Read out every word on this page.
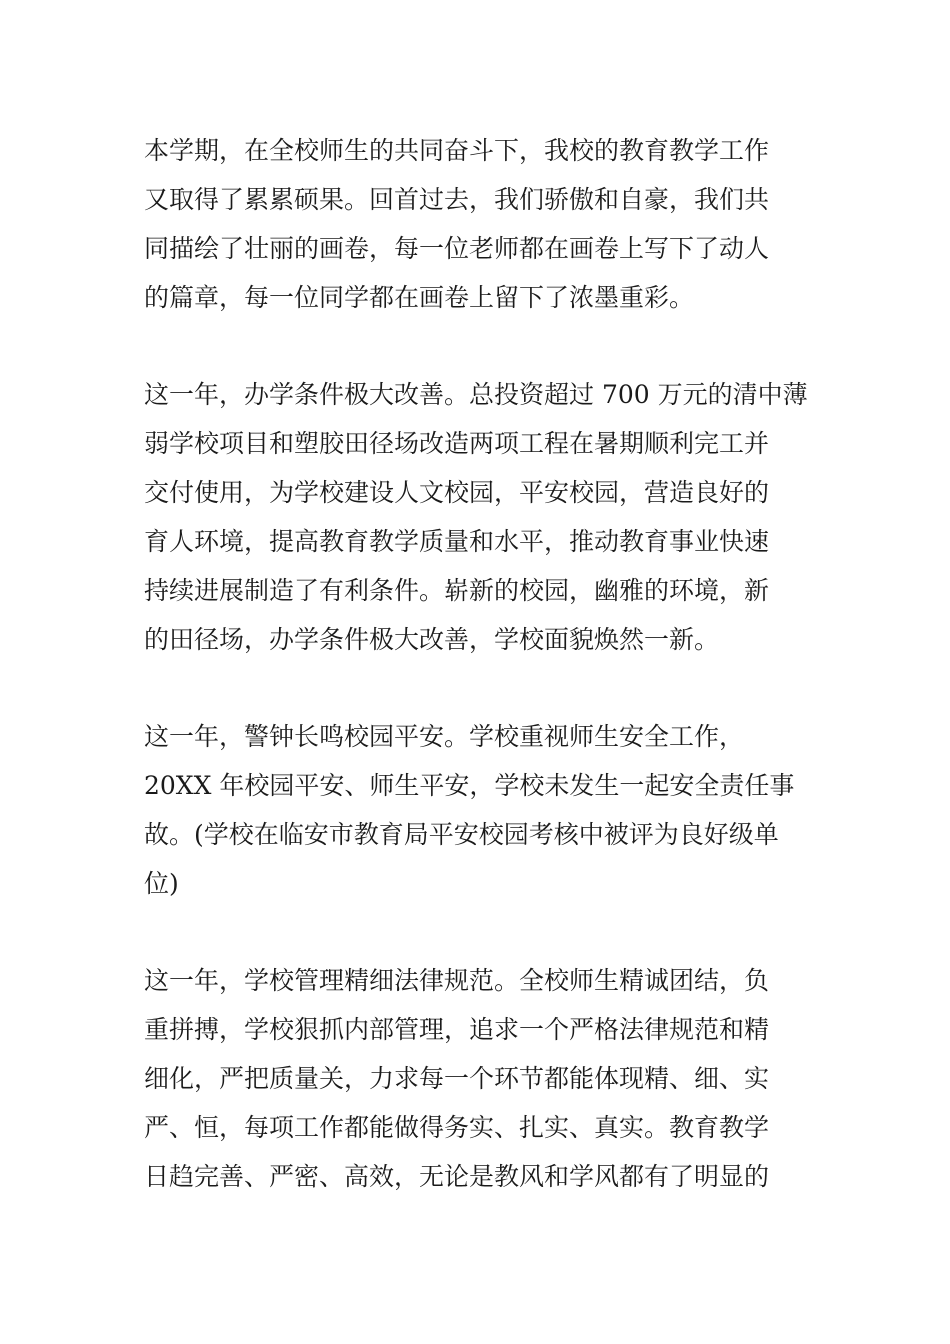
本学期，在全校师生的共同奋斗下，我校的教育教学工作
又取得了累累硕果。回首过去，我们骄傲和自豪，我们共
同描绘了壮丽的画卷，每一位老师都在画卷上写下了动人
的篇章，每一位同学都在画卷上留下了浓墨重彩。

这一年，办学条件极大改善。总投资超过 700 万元的清中薄
弱学校项目和塑胶田径场改造两项工程在暑期顺利完工并
交付使用，为学校建设人文校园，平安校园，营造良好的
育人环境，提高教育教学质量和水平，推动教育事业快速
持续进展制造了有利条件。崭新的校园，幽雅的环境，新
的田径场，办学条件极大改善，学校面貌焕然一新。

这一年，警钟长鸣校园平安。学校重视师生安全工作，
20XX 年校园平安、师生平安，学校未发生一起安全责任事
故。(学校在临安市教育局平安校园考核中被评为良好级单
位)

这一年，学校管理精细法律规范。全校师生精诚团结，负
重拼搏，学校狠抓内部管理，追求一个严格法律规范和精
细化，严把质量关，力求每一个环节都能体现精、细、实
严、恒，每项工作都能做得务实、扎实、真实。教育教学
日趋完善、严密、高效，无论是教风和学风都有了明显的
